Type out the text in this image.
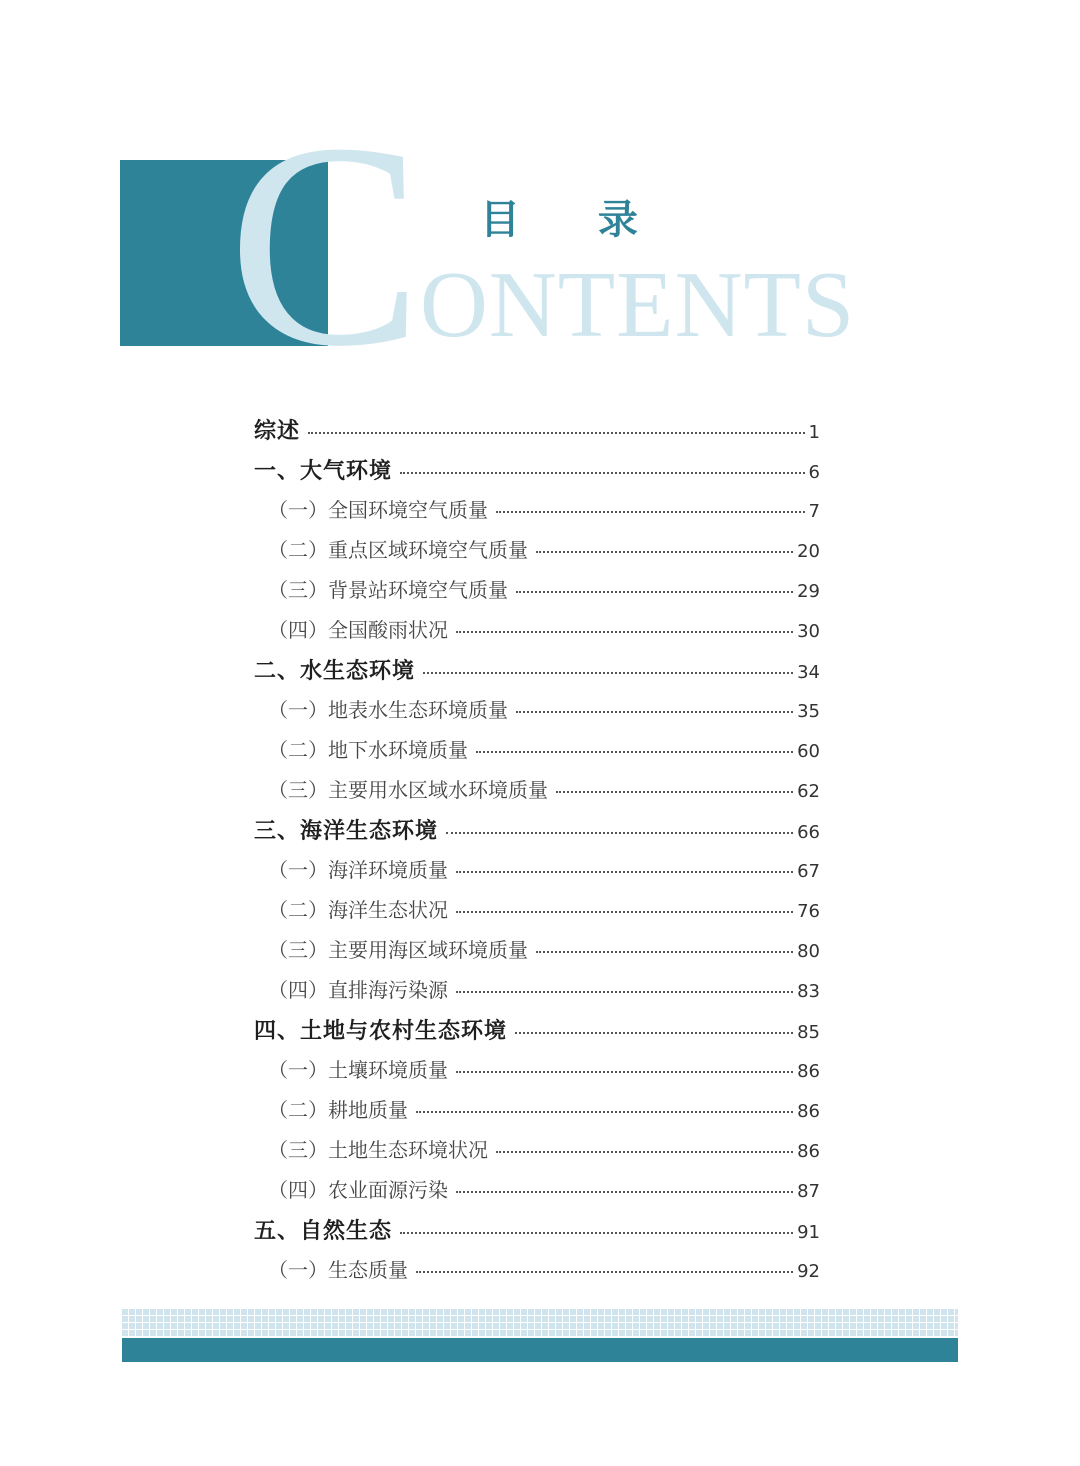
C
ONTENTS
目 录
综述	1
一、大气环境	6
（一）全国环境空气质量	7
（二）重点区域环境空气质量	20
（三）背景站环境空气质量	29
（四）全国酸雨状况	30
二、水生态环境	34
（一）地表水生态环境质量	35
（二）地下水环境质量	60
（三）主要用水区域水环境质量	62
三、海洋生态环境	66
（一）海洋环境质量	67
（二）海洋生态状况	76
（三）主要用海区域环境质量	80
（四）直排海污染源	83
四、土地与农村生态环境	85
（一）土壤环境质量	86
（二）耕地质量	86
（三）土地生态环境状况	86
（四）农业面源污染	87
五、自然生态	91
（一）生态质量	92
